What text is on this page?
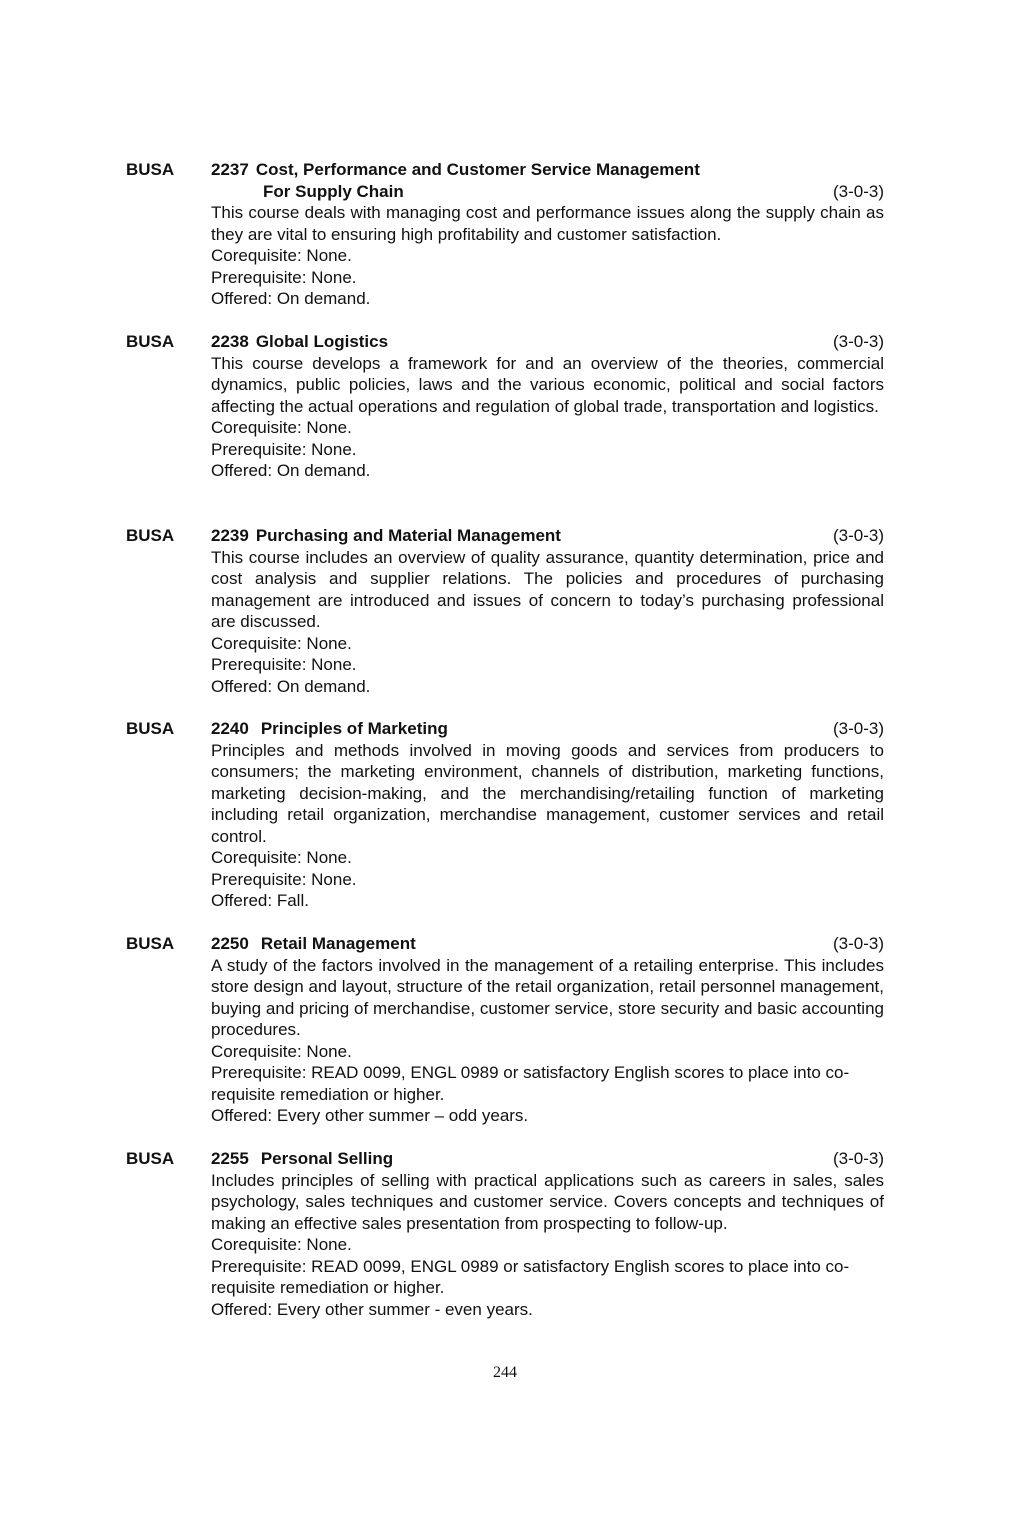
BUSA 2237 Cost, Performance and Customer Service Management
For Supply Chain	(3-0-3)

This course deals with managing cost and performance issues along the supply chain as they are vital to ensuring high profitability and customer satisfaction.

Corequisite: None.

Prerequisite: None.

Offered: On demand.

BUSA 2238 Global Logistics	(3-0-3)

This course develops a framework for and an overview of the theories, commercial dynamics, public policies, laws and the various economic, political and social factors affecting the actual operations and regulation of global trade, transportation and logistics.

Corequisite: None.

Prerequisite: None.

Offered: On demand.

BUSA 2239 Purchasing and Material Management	(3-0-3)

This course includes an overview of quality assurance, quantity determination, price and cost analysis and supplier relations. The policies and procedures of purchasing management are introduced and issues of concern to today’s purchasing professional are discussed.

Corequisite: None.

Prerequisite: None.

Offered: On demand.

BUSA 2240 Principles of Marketing	(3-0-3)

Principles and methods involved in moving goods and services from producers to consumers; the marketing environment, channels of distribution, marketing functions, marketing decision-making, and the merchandising/retailing function of marketing including retail organization, merchandise management, customer services and retail control.

Corequisite: None.

Prerequisite: None.

Offered: Fall.

BUSA 2250 Retail Management	(3-0-3)

A study of the factors involved in the management of a retailing enterprise. This includes store design and layout, structure of the retail organization, retail personnel management, buying and pricing of merchandise, customer service, store security and basic accounting procedures.

Corequisite: None.

Prerequisite: READ 0099, ENGL 0989 or satisfactory English scores to place into co-requisite remediation or higher.

Offered: Every other summer – odd years.

BUSA 2255 Personal Selling	(3-0-3)

Includes principles of selling with practical applications such as careers in sales, sales psychology, sales techniques and customer service. Covers concepts and techniques of making an effective sales presentation from prospecting to follow-up.

Corequisite: None.

Prerequisite: READ 0099, ENGL 0989 or satisfactory English scores to place into co-requisite remediation or higher.

Offered: Every other summer - even years.

244
